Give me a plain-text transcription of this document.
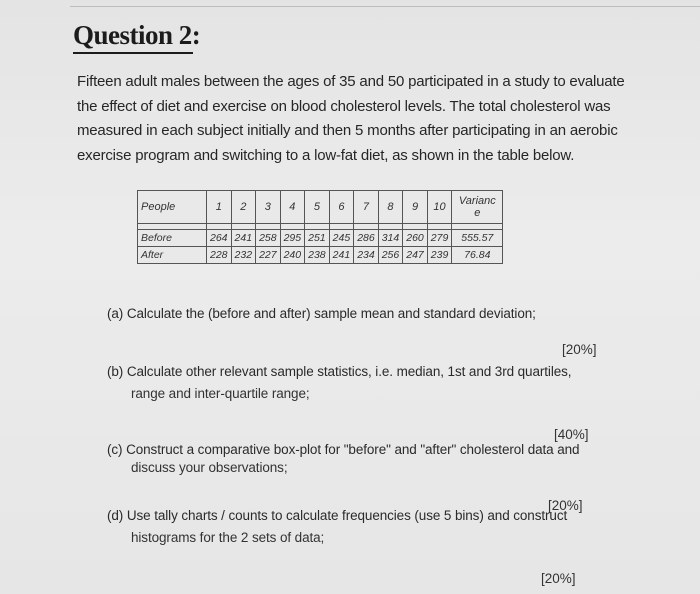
Question 2:
Fifteen adult males between the ages of 35 and 50 participated in a study to evaluate
the effect of diet and exercise on blood cholesterol levels. The total cholesterol was
measured in each subject initially and then 5 months after participating in an aerobic
exercise program and switching to a low-fat diet, as shown in the table below.
People	1	2	3	4	5	6	7	8	9	10	Varianc
e

Before	264	241	258	295	251	245	286	314	260	279	555.57
After	228	232	227	240	238	241	234	256	247	239	76.84
(a) Calculate the (before and after) sample mean and standard deviation;
[20%]
(b) Calculate other relevant sample statistics, i.e. median, 1st and 3rd quartiles,
range and inter-quartile range;
[40%]
(c) Construct a comparative box-plot for "before" and "after" cholesterol data and
discuss your observations;
[20%]
(d) Use tally charts / counts to calculate frequencies (use 5 bins) and construct
histograms for the 2 sets of data;
[20%]
